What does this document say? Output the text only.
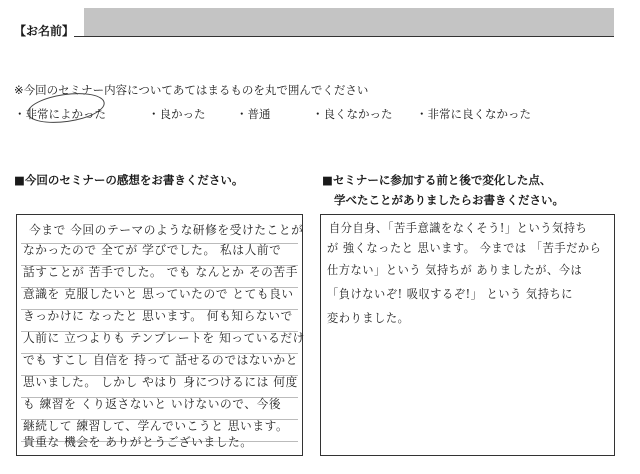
【お名前】
※今回のセミナー内容についてあてはまるものを丸で囲んでください
・非常によかった	・良かった	・普通	・良くなかった ・非常に良くなかった
■今回のセミナーの感想をお書きください。
今まで 今回のテーマのような研修を受けたことが
なかったので 全てが 学びでした。 私は人前で
話すことが 苦手でした。 でも なんとか その苦手
意識を 克服したいと 思っていたので とても良い
きっかけに なったと 思います。 何も知らないで
人前に 立つよりも テンプレートを 知っているだけ
でも すこし 自信を 持って 話せるのではないかと
思いました。 しかし やはり 身につけるには 何度
も 練習を くり返さないと いけないので、今後
継続して 練習して、学んでいこうと 思います。
貴重な 機会を ありがとうございました。
■セミナーに参加する前と後で変化した点、
学べたことがありましたらお書きください。
自分自身、「苦手意識をなくそう!」という気持ち
が 強くなったと 思います。 今までは 「苦手だから
仕方ない」という 気持ちが ありましたが、今は
「負けないぞ! 吸収するぞ!」 という 気持ちに
変わりました。
